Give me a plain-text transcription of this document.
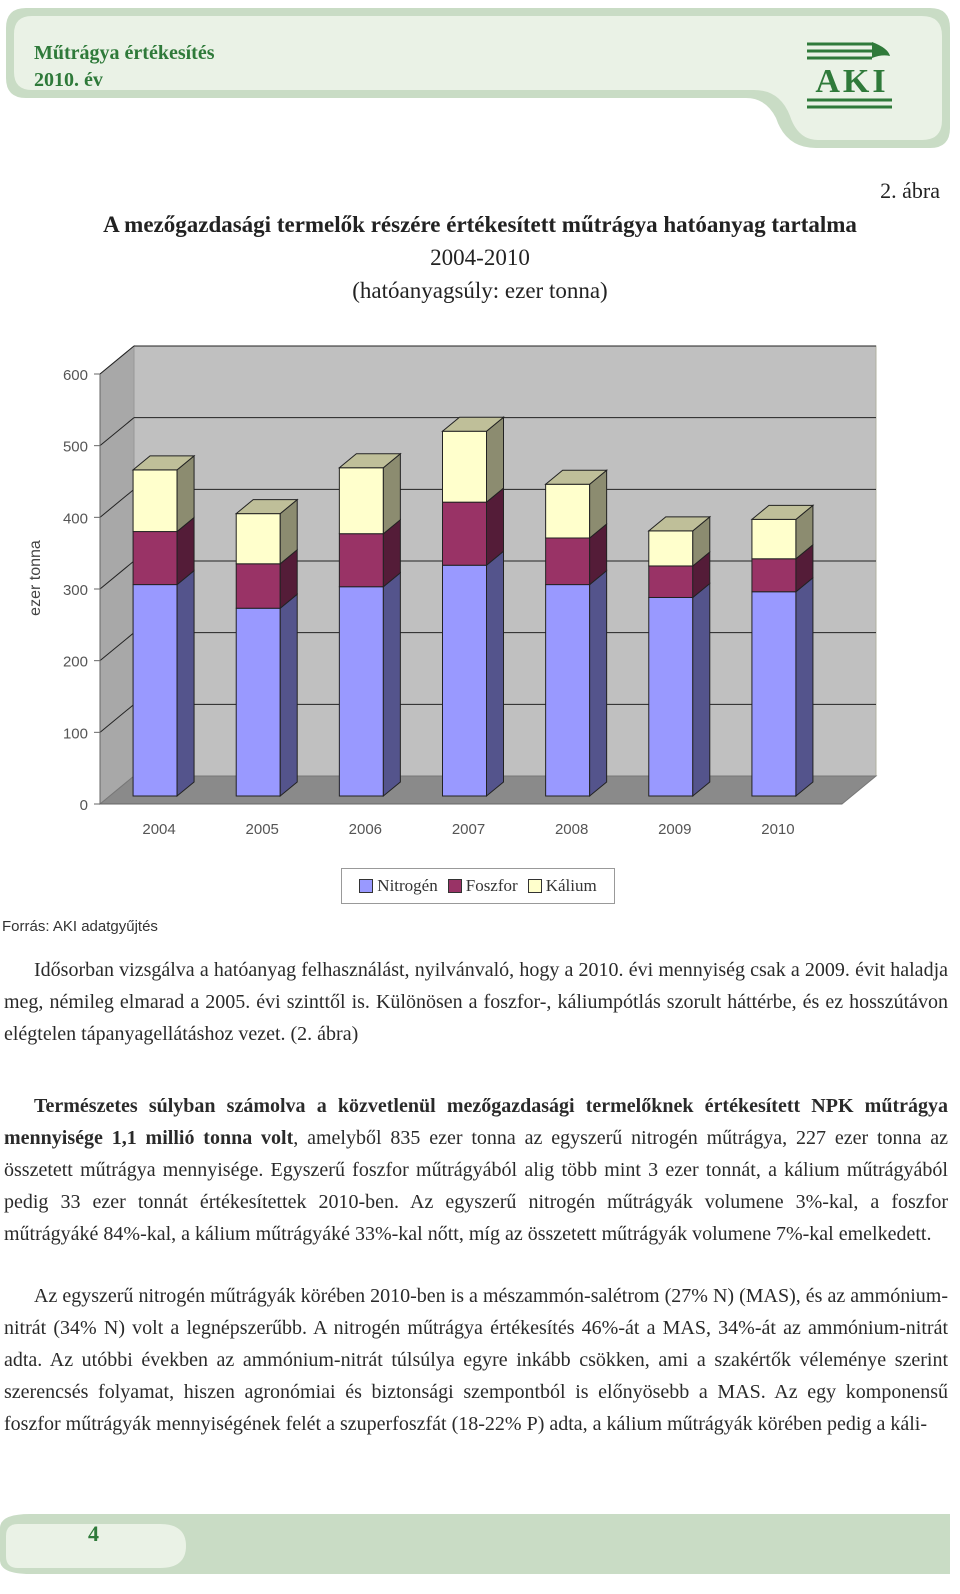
Műtrágya értékesítés
2010. év	AKI
2. ábra
A mezőgazdasági termelők részére értékesített műtrágya hatóanyag tartalma
2004-2010
(hatóanyagsúly: ezer tonna)
0
100
200
300
400
500
600
ezer tonna
2004	2005	2006	2007	2008	2009	2010
Nitrogén Foszfor Kálium
Forrás: AKI adatgyűjtés
Idősorban vizsgálva a hatóanyag felhasználást, nyilvánvaló, hogy a 2010. évi mennyiség csak a 2009. évit haladja meg, némileg elmarad a 2005. évi szinttől is. Különösen a foszfor-, káliumpótlás szorult háttérbe, és ez hosszútávon elégtelen tápanyagellátáshoz vezet. (2. ábra)
Természetes súlyban számolva a közvetlenül mezőgazdasági termelőknek értékesített NPK műtrágya mennyisége 1,1 millió tonna volt, amelyből 835 ezer tonna az egyszerű nitrogén műtrágya, 227 ezer tonna az összetett műtrágya mennyisége. Egyszerű foszfor műtrágyából alig több mint 3 ezer tonnát, a kálium műtrágyából pedig 33 ezer tonnát értékesítettek 2010-ben. Az egyszerű nitrogén műtrágyák volumene 3%-kal, a foszfor műtrágyáké 84%-kal, a kálium műtrágyáké 33%-kal nőtt, míg az összetett műtrágyák volumene 7%-kal emelkedett.
Az egyszerű nitrogén műtrágyák körében 2010-ben is a mészammón-salétrom (27% N) (MAS), és az ammónium-nitrát (34% N) volt a legnépszerűbb. A nitrogén műtrágya értékesítés 46%-át a MAS, 34%-át az ammónium-nitrát adta. Az utóbbi években az ammónium-nitrát túlsúlya egyre inkább csökken, ami a szakértők véleménye szerint szerencsés folyamat, hiszen agronómiai és biztonsági szempontból is előnyösebb a MAS. Az egy komponensű foszfor műtrágyák mennyiségének felét a szuperfoszfát (18-22% P) adta, a kálium műtrágyák körében pedig a káli-
4
